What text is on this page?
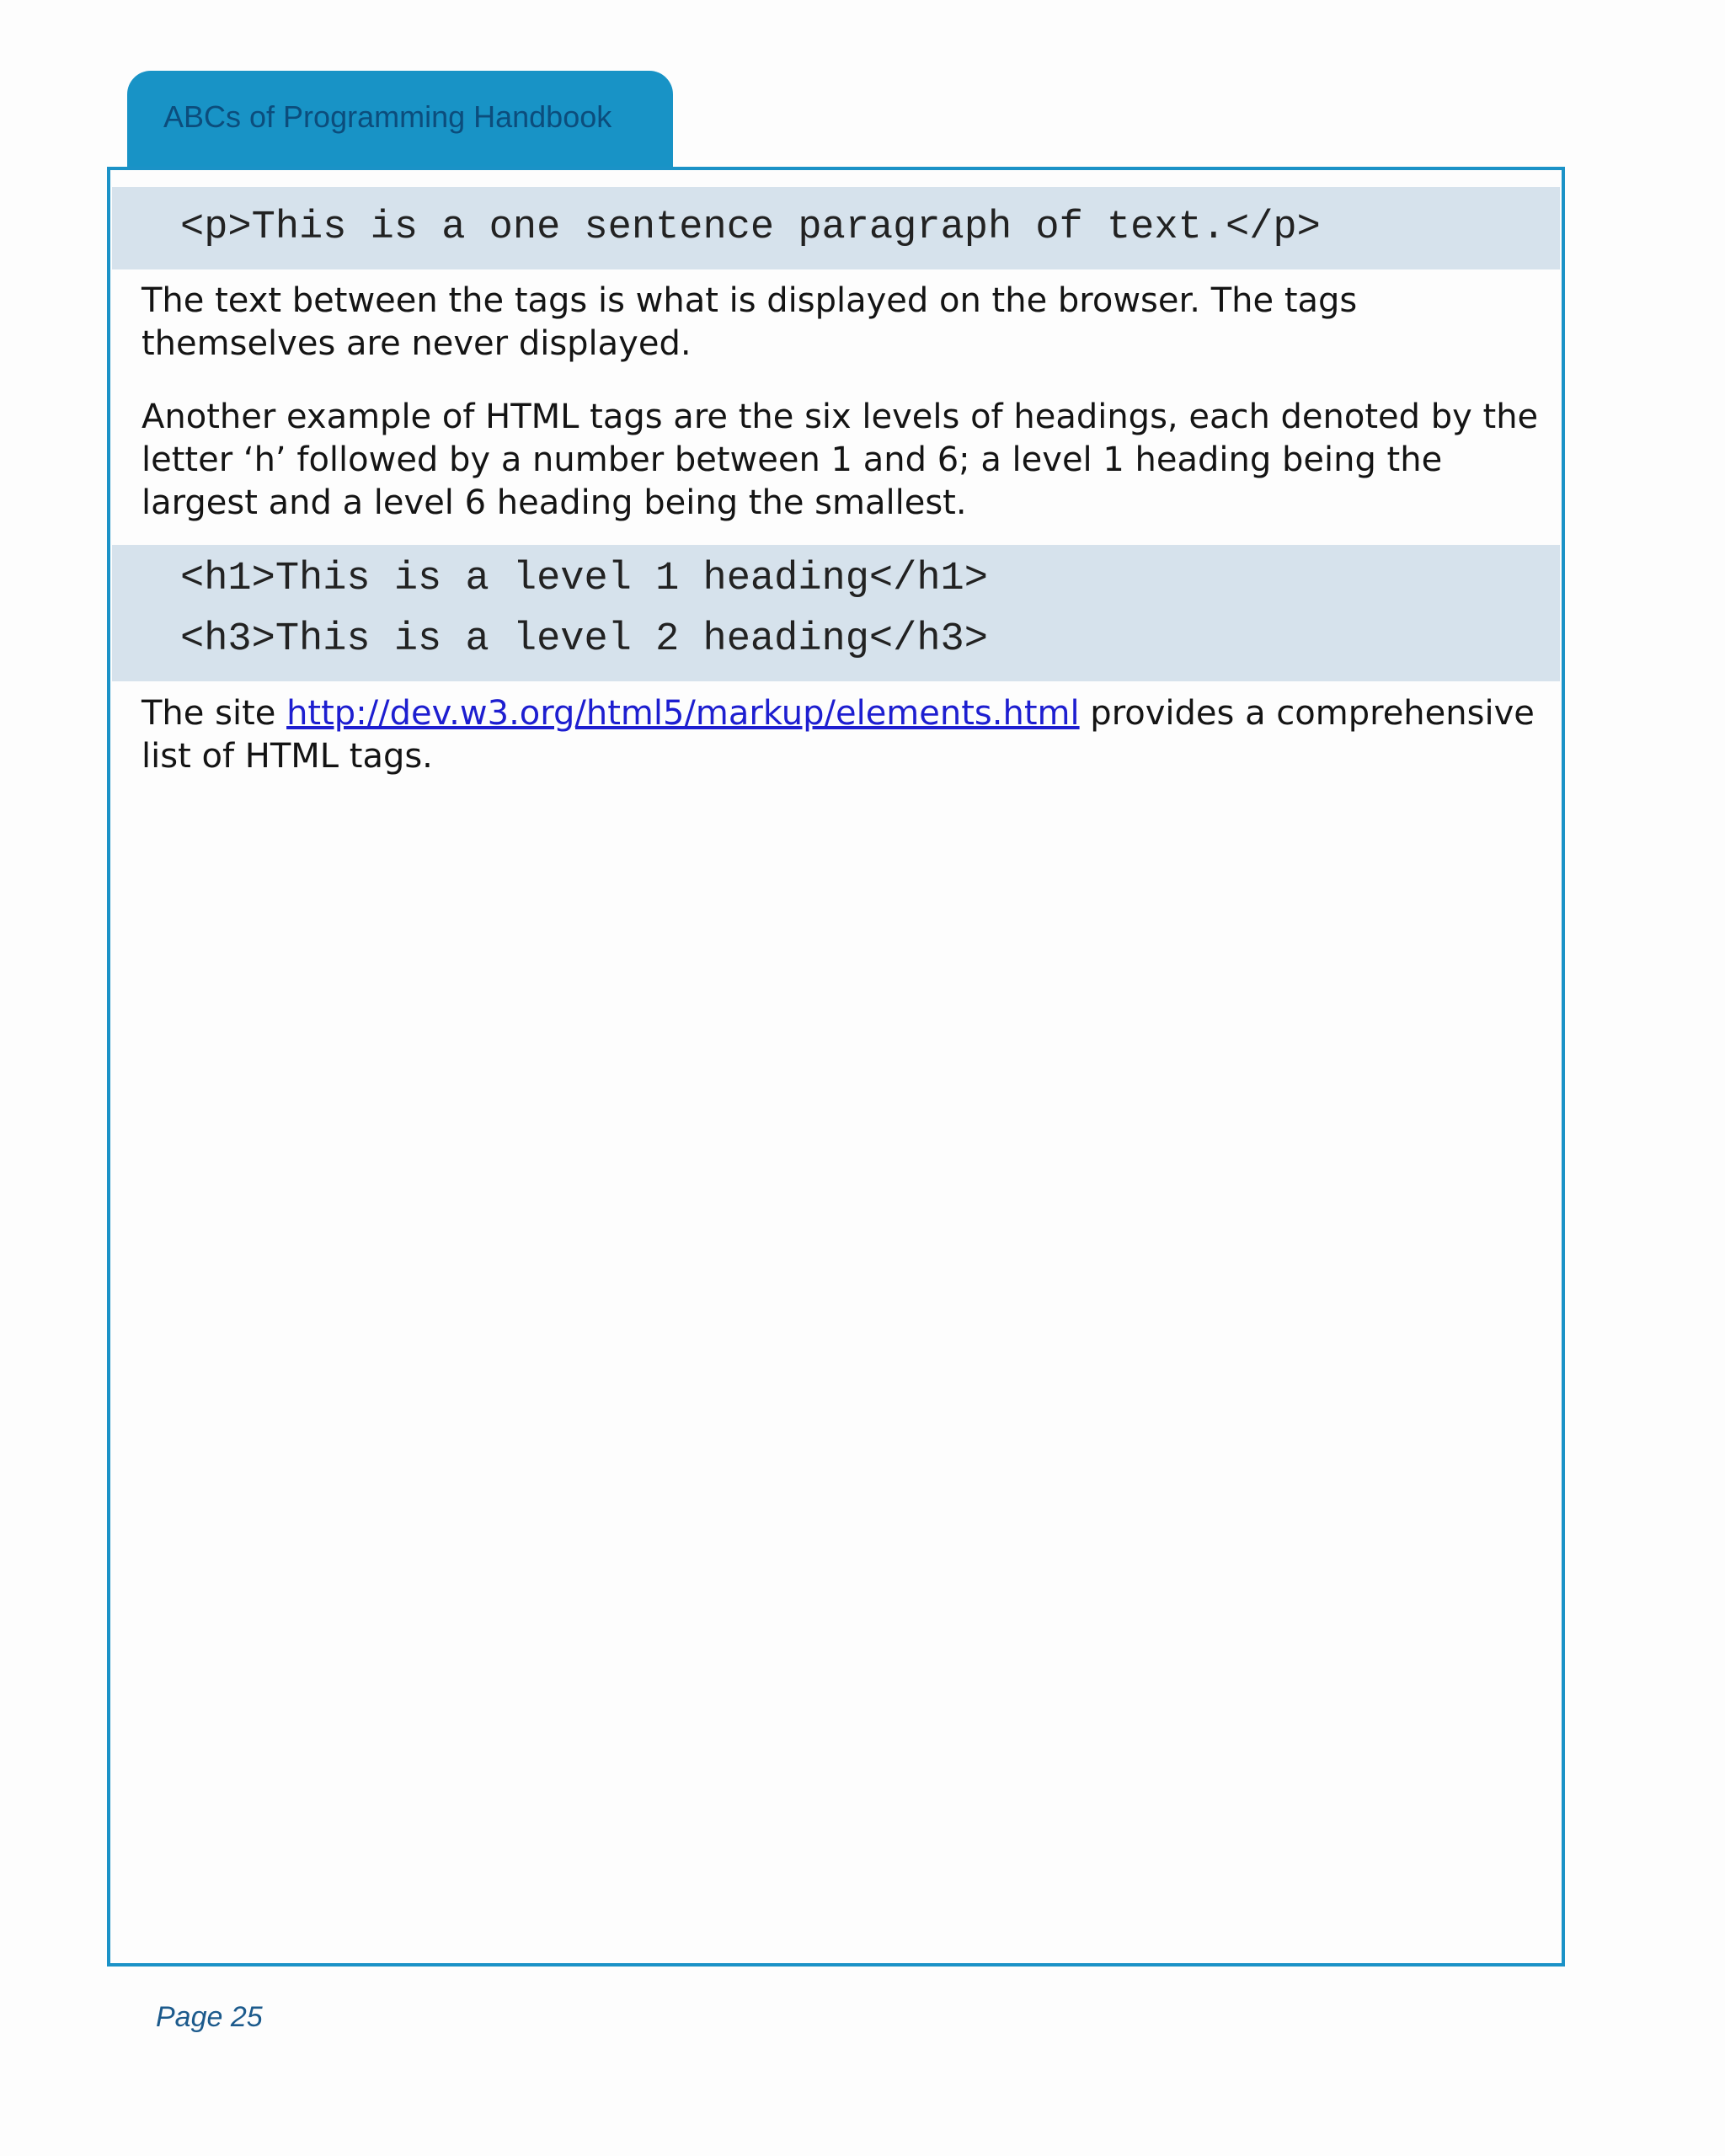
ABCs of Programming Handbook
<p>This is a one sentence paragraph of text.</p>

The text between the tags is what is displayed on the browser. The tags themselves are never displayed.

Another example of HTML tags are the six levels of headings, each denoted by the letter ‘h’ followed by a number between 1 and 6; a level 1 heading being the largest and a level 6 heading being the smallest.

<h1>This is a level 1 heading</h1>
<h3>This is a level 2 heading</h3>

The site http://dev.w3.org/html5/markup/elements.html provides a comprehensive list of HTML tags.

Page 25
